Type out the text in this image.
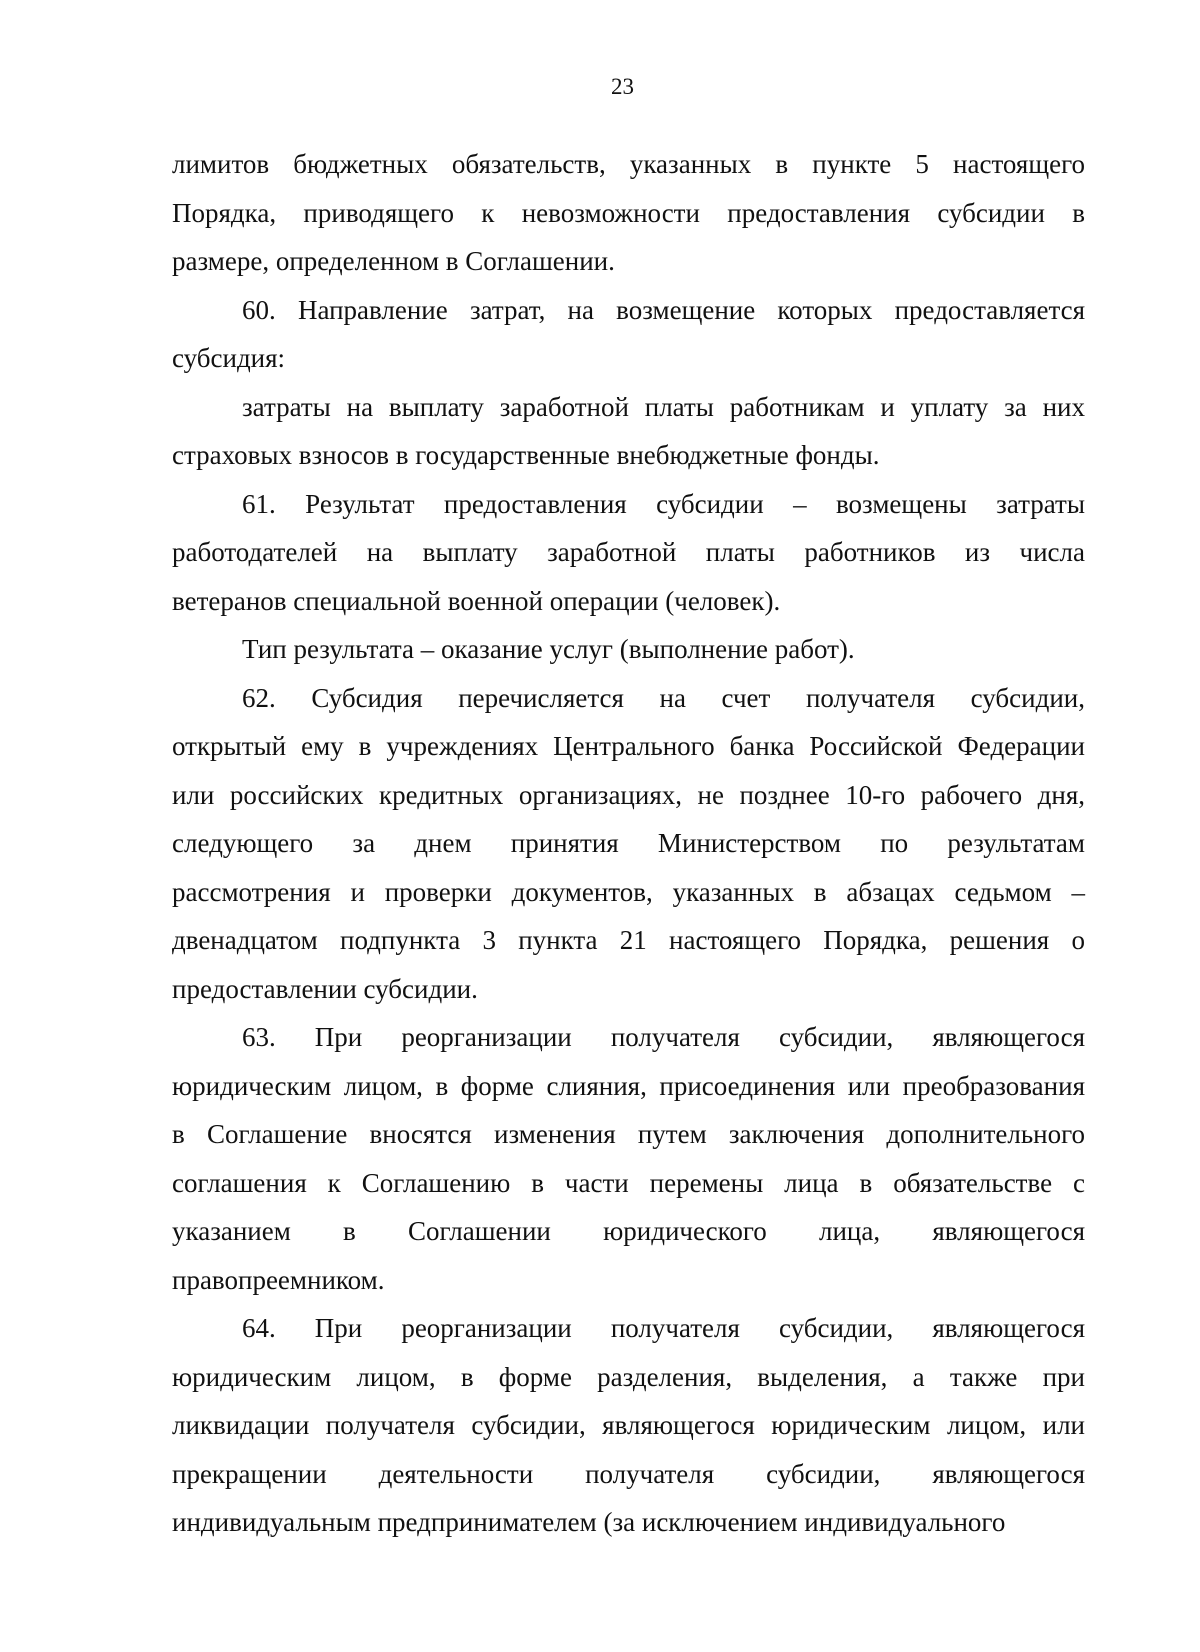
23
лимитов бюджетных обязательств, указанных в пункте 5 настоящего
Порядка, приводящего к невозможности предоставления субсидии в
размере, определенном в Соглашении.
60. Направление затрат, на возмещение которых предоставляется
субсидия:
затраты на выплату заработной платы работникам и уплату за них
страховых взносов в государственные внебюджетные фонды.
61. Результат предоставления субсидии – возмещены затраты
работодателей на выплату заработной платы работников из числа
ветеранов специальной военной операции (человек).
Тип результата – оказание услуг (выполнение работ).
62. Субсидия перечисляется на счет получателя субсидии,
открытый ему в учреждениях Центрального банка Российской Федерации
или российских кредитных организациях, не позднее 10-го рабочего дня,
следующего за днем принятия Министерством по результатам
рассмотрения и проверки документов, указанных в абзацах седьмом –
двенадцатом подпункта 3 пункта 21 настоящего Порядка, решения о
предоставлении субсидии.
63. При реорганизации получателя субсидии, являющегося
юридическим лицом, в форме слияния, присоединения или преобразования
в Соглашение вносятся изменения путем заключения дополнительного
соглашения к Соглашению в части перемены лица в обязательстве с
указанием в Соглашении юридического лица, являющегося
правопреемником.
64. При реорганизации получателя субсидии, являющегося
юридическим лицом, в форме разделения, выделения, а также при
ликвидации получателя субсидии, являющегося юридическим лицом, или
прекращении деятельности получателя субсидии, являющегося
индивидуальным предпринимателем (за исключением индивидуального
